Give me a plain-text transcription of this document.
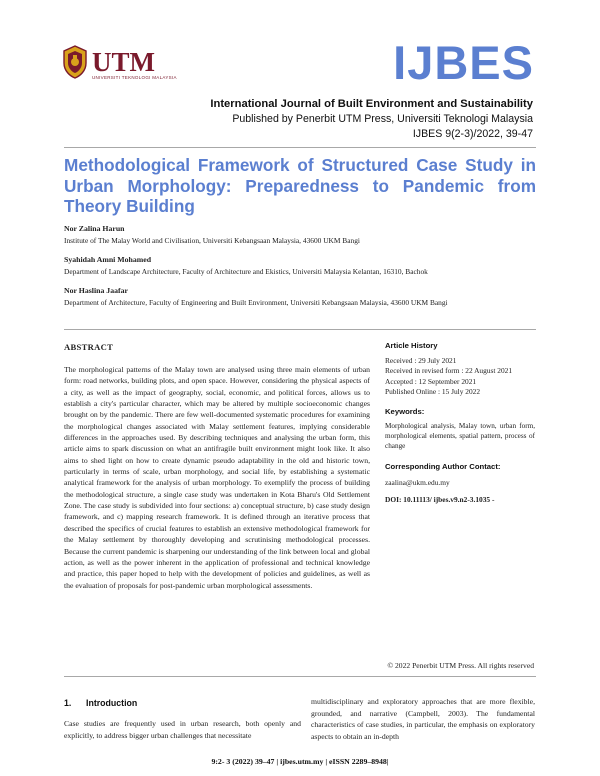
UTM
UNIVERSITI TEKNOLOGI MALAYSIA	IJBES
International Journal of Built Environment and Sustainability
Published by Penerbit UTM Press, Universiti Teknologi Malaysia
IJBES 9(2-3)/2022, 39-47
Methodological Framework of Structured Case Study in Urban Morphology: Preparedness to Pandemic from Theory Building
Nor Zalina Harun
Institute of The Malay World and Civilisation, Universiti Kebangsaan Malaysia, 43600 UKM Bangi
Syahidah Amni Mohamed
Department of Landscape Architecture, Faculty of Architecture and Ekistics, Universiti Malaysia Kelantan, 16310, Bachok
Nor Haslina Jaafar
Department of Architecture, Faculty of Engineering and Built Environment, Universiti Kebangsaan Malaysia, 43600 UKM Bangi
ABSTRACT
The morphological patterns of the Malay town are analysed using three main elements of urban form: road networks, building plots, and open space. However, considering the physical aspects of a city, as well as the impact of geography, social, economic, and political forces, allows us to establish a city's particular character, which may be altered by multiple socioeconomic changes brought on by the pandemic. There are few well-documented systematic procedures for examining the morphological changes associated with Malay settlement features, implying considerable differences in the approaches used. By describing techniques and analysing the urban form, this article aims to spark discussion on what an antifragile built environment might look like. It also aims to shed light on how to create dynamic pseudo adaptability in the old and historic town, particularly in terms of scale, urban morphology, and social life, by establishing a systematic analytical framework for the analysis of urban morphology. To exemplify the process of building the methodological structure, a single case study was undertaken in Kota Bharu's Old Settlement Zone. The case study is subdivided into four sections: a) conceptual structure, b) case study design framework, and c) mapping research framework. It is defined through an iterative process that described the specifics of crucial features to establish an extensive methodological framework for the Malay settlement by thoroughly developing and scrutinising methodological processes. Because the current pandemic is sharpening our understanding of the link between local and global action, as well as the power inherent in the application of professional and technical knowledge and practice, this paper hoped to help with the development of policies and guidelines, as well as the evaluation of proposals for post-pandemic urban morphological assessments.
Article History
Received : 29 July 2021
Received in revised form : 22 August 2021
Accepted : 12 September 2021
Published Online : 15 July 2022
Keywords:
Morphological analysis, Malay town, urban form, morphological elements, spatial pattern, process of change
Corresponding Author Contact:
zaalina@ukm.edu.my
DOI: 10.11113/ ijbes.v9.n2-3.1035 -
© 2022 Penerbit UTM Press. All rights reserved
1. Introduction
Case studies are frequently used in urban research, both openly and explicitly, to address bigger urban challenges that necessitate
multidisciplinary and exploratory approaches that are more flexible, grounded, and narrative (Campbell, 2003). The fundamental characteristics of case studies, in particular, the emphasis on exploratory aspects to obtain an in-depth
9:2- 3 (2022) 39–47 | ijbes.utm.my | eISSN 2289–8948|
